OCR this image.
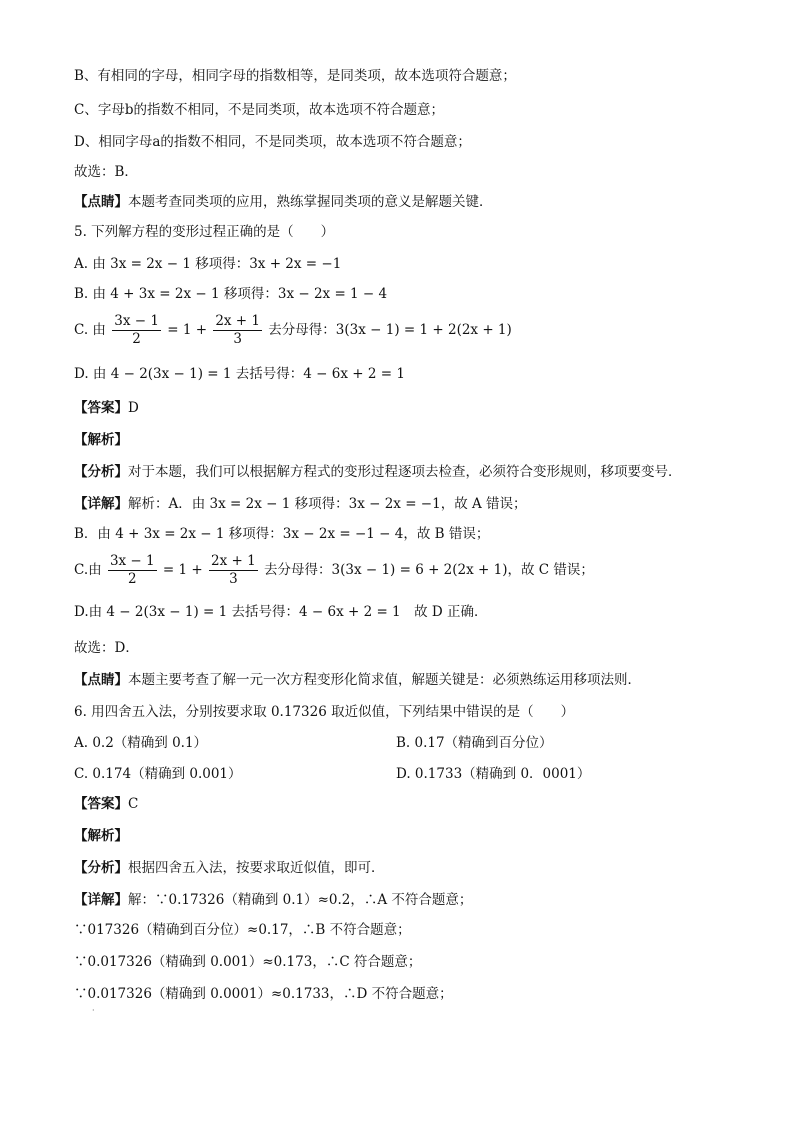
B、有相同的字母，相同字母的指数相等，是同类项，故本选项符合题意；
C、字母b的指数不相同，不是同类项，故本选项不符合题意；
D、相同字母a的指数不相同，不是同类项，故本选项不符合题意；
故选：B．
【点睛】本题考查同类项的应用，熟练掌握同类项的意义是解题关键．
5. 下列解方程的变形过程正确的是（　　）
A. 由 3x = 2x − 1 移项得：3x + 2x = −1
B. 由 4 + 3x = 2x − 1 移项得：3x − 2x = 1 − 4
C. 由 $\frac{3x - 1}{2} = 1 + \frac{2x + 1}{3}$ 去分母得：3(3x − 1) = 1 + 2(2x + 1)
D. 由 4 − 2(3x − 1) = 1 去括号得：4 − 6x + 2 = 1
【答案】D
【解析】
【分析】对于本题，我们可以根据解方程式的变形过程逐项去检查，必须符合变形规则，移项要变号．
【详解】解析：A．由 3x = 2x − 1 移项得：3x − 2x = −1，故 A 错误；
B．由 4 + 3x = 2x − 1 移项得：3x − 2x = −1 − 4，故 B 错误；
C.由 $\frac{3x - 1}{2} = 1 + \frac{2x + 1}{3}$ 去分母得：3(3x − 1) = 6 + 2(2x + 1)，故 C 错误；
D.由 4 − 2(3x − 1) = 1 去括号得：4 − 6x + 2 = 1　故 D 正确．
故选：D．
【点睛】本题主要考查了解一元一次方程变形化简求值，解题关键是：必须熟练运用移项法则．
6. 用四舍五入法，分别按要求取 0.17326 取近似值，下列结果中错误的是（　　）
A. 0.2（精确到 0.1）	B. 0.17（精确到百分位）
C. 0.174（精确到 0.001）	D. 0.1733（精确到 0．0001）
【答案】C
【解析】
【分析】根据四舍五入法，按要求取近似值，即可．
【详解】解：∵0.17326（精确到 0.1）≈0.2，∴A 不符合题意；
∵017326（精确到百分位）≈0.17，∴B 不符合题意；
∵0.017326（精确到 0.001）≈0.173，∴C 符合题意；
∵0.017326（精确到 0.0001）≈0.1733，∴D 不符合题意；
·
